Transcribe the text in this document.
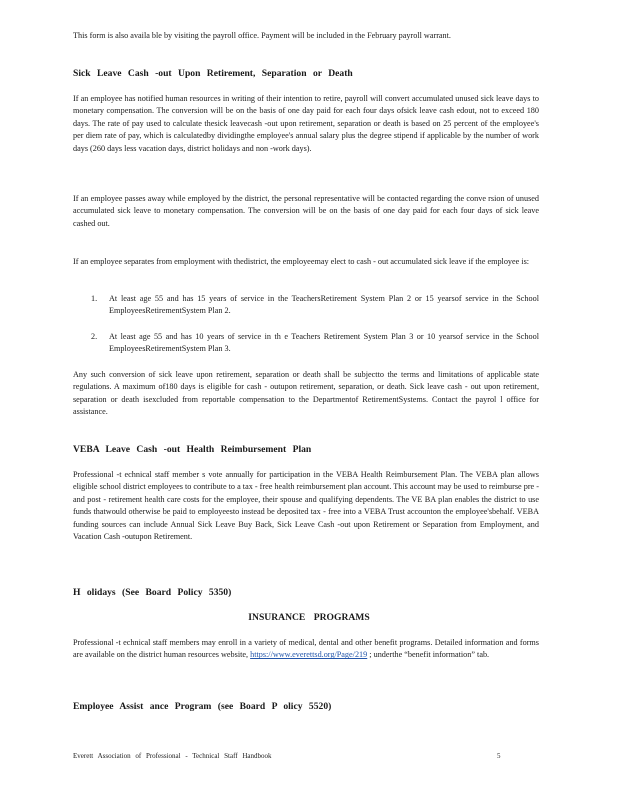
This form is also availa ble by visiting the payroll office. Payment will be included in the February payroll warrant.

Sick Leave Cash -out Upon Retirement, Separation or Death

If an employee has notified human resources in writing of their intention to retire, payroll will convert accumulated unused sick leave days to monetary compensation. The conversion will be on the basis of one day paid for each four days ofsick leave cash edout, not to exceed 180 days. The rate of pay used to calculate thesick leavecash -out upon retirement, separation or death is based on 25 percent of the employee's per diem rate of pay, which is calculatedby dividingthe employee's annual salary plus the degree stipend if applicable by the number of work days (260 days less vacation days, district holidays and non -work days).

If an employee passes away while employed by the district, the personal representative will be contacted regarding the conve rsion of unused accumulated sick leave to monetary compensation. The conversion will be on the basis of one day paid for each four days of sick leave cashed out.

If an employee separates from employment with thedistrict, the employeemay elect to cash - out accumulated sick leave if the employee is:

1.	At least age 55 and has 15 years of service in the TeachersRetirement System Plan 2 or 15 yearsof service in the School EmployeesRetirementSystem Plan 2.
2.	At least age 55 and has 10 years of service in th e Teachers Retirement System Plan 3 or 10 yearsof service in the School EmployeesRetirementSystem Plan 3.

Any such conversion of sick leave upon retirement, separation or death shall be subjectto the terms and limitations of applicable state regulations. A maximum of180 days is eligible for cash - outupon retirement, separation, or death. Sick leave cash - out upon retirement, separation or death isexcluded from reportable compensation to the Departmentof RetirementSystems. Contact the payrol l office for assistance.

VEBA Leave Cash -out Health Reimbursement Plan

Professional -t echnical staff member s vote annually for participation in the VEBA Health Reimbursement Plan. The VEBA plan allows eligible school district employees to contribute to a tax - free health reimbursement plan account. This account may be used to reimburse pre -and post - retirement health care costs for the employee, their spouse and qualifying dependents. The VE BA plan enables the district to use funds thatwould otherwise be paid to employeesto instead be deposited tax - free into a VEBA Trust accounton the employee'sbehalf. VEBA funding sources can include Annual Sick Leave Buy Back, Sick Leave Cash -out upon Retirement or Separation from Employment, and Vacation Cash -outupon Retirement.

H olidays (See Board Policy 5350)

INSURANCE PROGRAMS

Professional -t echnical staff members may enroll in a variety of medical, dental and other benefit programs. Detailed information and forms are available on the district human resources website, https://www.everettsd.org/Page/219 ; underthe “benefit information” tab.

Employee Assist ance Program (see Board P olicy 5520)

Everett Association of Professional - Technical Staff Handbook	5
